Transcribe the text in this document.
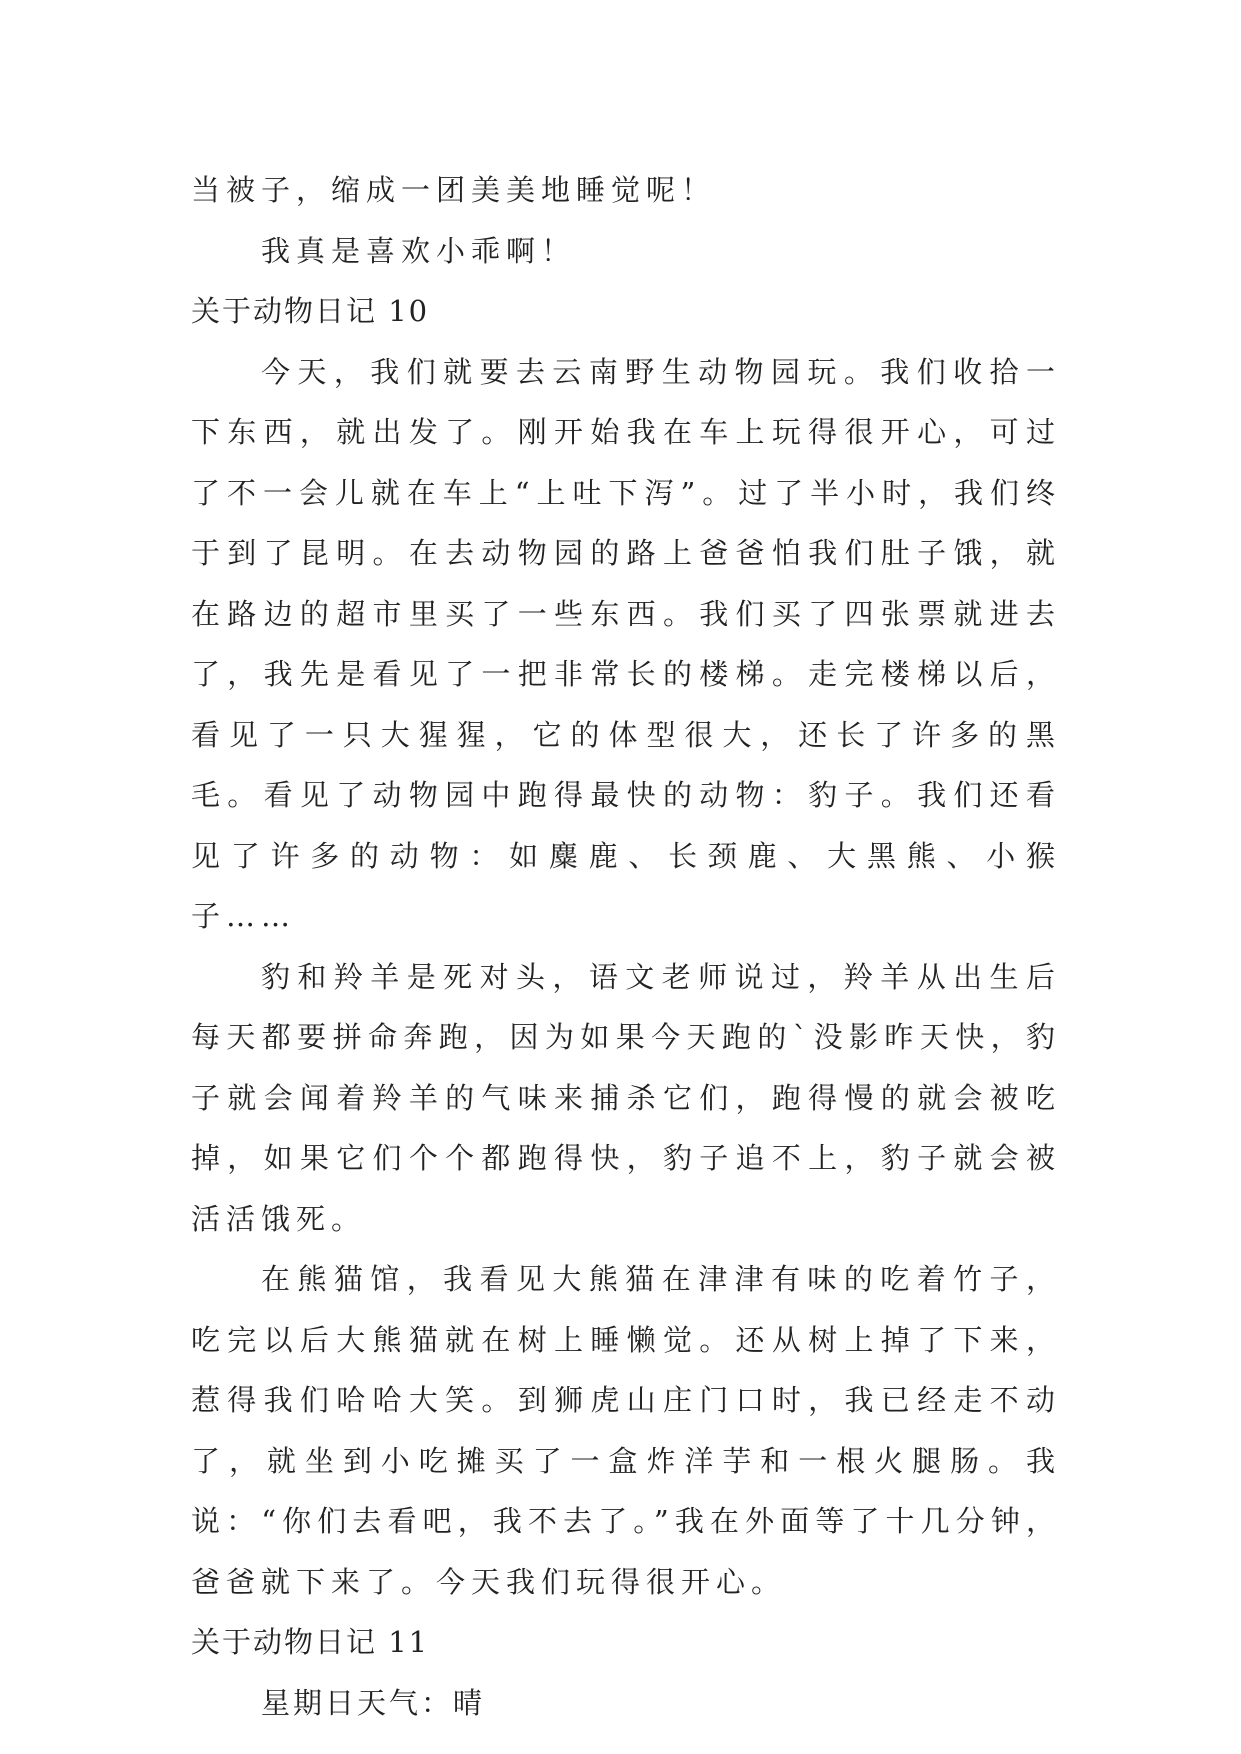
当被子，缩成一团美美地睡觉呢！

我真是喜欢小乖啊！

关于动物日记 10

今天，我们就要去云南野生动物园玩。我们收拾一下东西，就出发了。刚开始我在车上玩得很开心，可过了不一会儿就在车上“上吐下泻”。过了半小时，我们终于到了昆明。在去动物园的路上爸爸怕我们肚子饿，就在路边的超市里买了一些东西。我们买了四张票就进去了，我先是看见了一把非常长的楼梯。走完楼梯以后，看见了一只大猩猩，它的体型很大，还长了许多的黑毛。看见了动物园中跑得最快的动物：豹子。我们还看见了许多的动物：如麋鹿、长颈鹿、大黑熊、小猴子……

豹和羚羊是死对头，语文老师说过，羚羊从出生后每天都要拼命奔跑，因为如果今天跑的`没影昨天快，豹子就会闻着羚羊的气味来捕杀它们，跑得慢的就会被吃掉，如果它们个个都跑得快，豹子追不上，豹子就会被活活饿死。

在熊猫馆，我看见大熊猫在津津有味的吃着竹子，吃完以后大熊猫就在树上睡懒觉。还从树上掉了下来，惹得我们哈哈大笑。到狮虎山庄门口时，我已经走不动了，就坐到小吃摊买了一盒炸洋芋和一根火腿肠。我说：“你们去看吧，我不去了。”我在外面等了十几分钟，爸爸就下来了。今天我们玩得很开心。

关于动物日记 11

星期日天气：晴
